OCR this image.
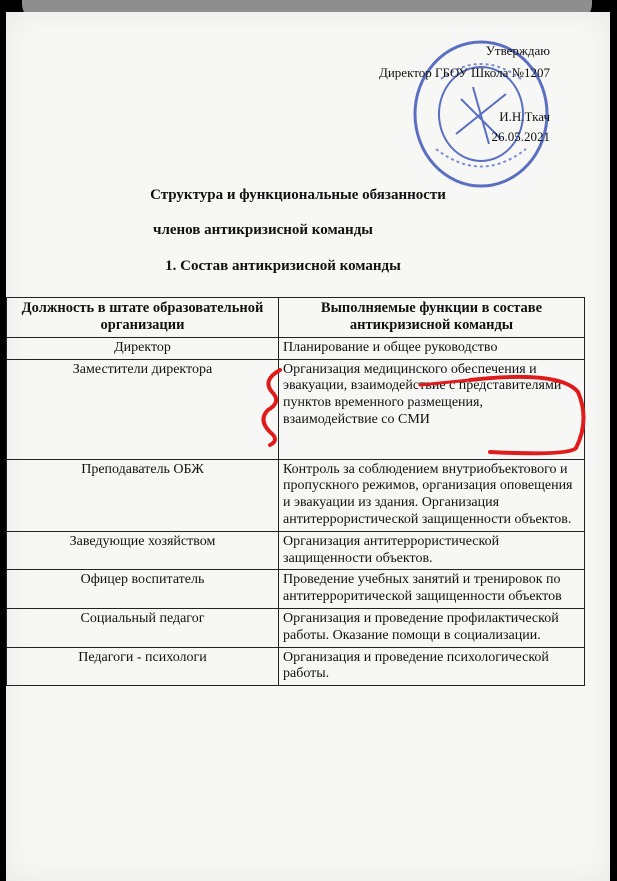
Утверждаю
Директор ГБОУ Школа №1207
И.Н.Ткач
26.05.2021
Структура и функциональные обязанности
членов антикризисной команды
1. Состав антикризисной команды
Должность в штате образовательной организации	Выполняемые функции в составе антикризисной команды
Директор	Планирование и общее руководство
Заместители директора	Организация медицинского обеспечения и эвакуации, взаимодействие с представителями пунктов временного размещения, взаимодействие со СМИ
Преподаватель ОБЖ	Контроль за соблюдением внутриобъектового и пропускного режимов, организация оповещения и эвакуации из здания. Организация антитеррористической защищенности объектов.
Заведующие хозяйством	Организация антитеррористической защищенности объектов.
Офицер воспитатель	Проведение учебных занятий и тренировок по антитерроритической защищенности объектов
Социальный педагог	Организация и проведение профилактической работы. Оказание помощи в социализации.
Педагоги - психологи	Организация и проведение психологической работы.
